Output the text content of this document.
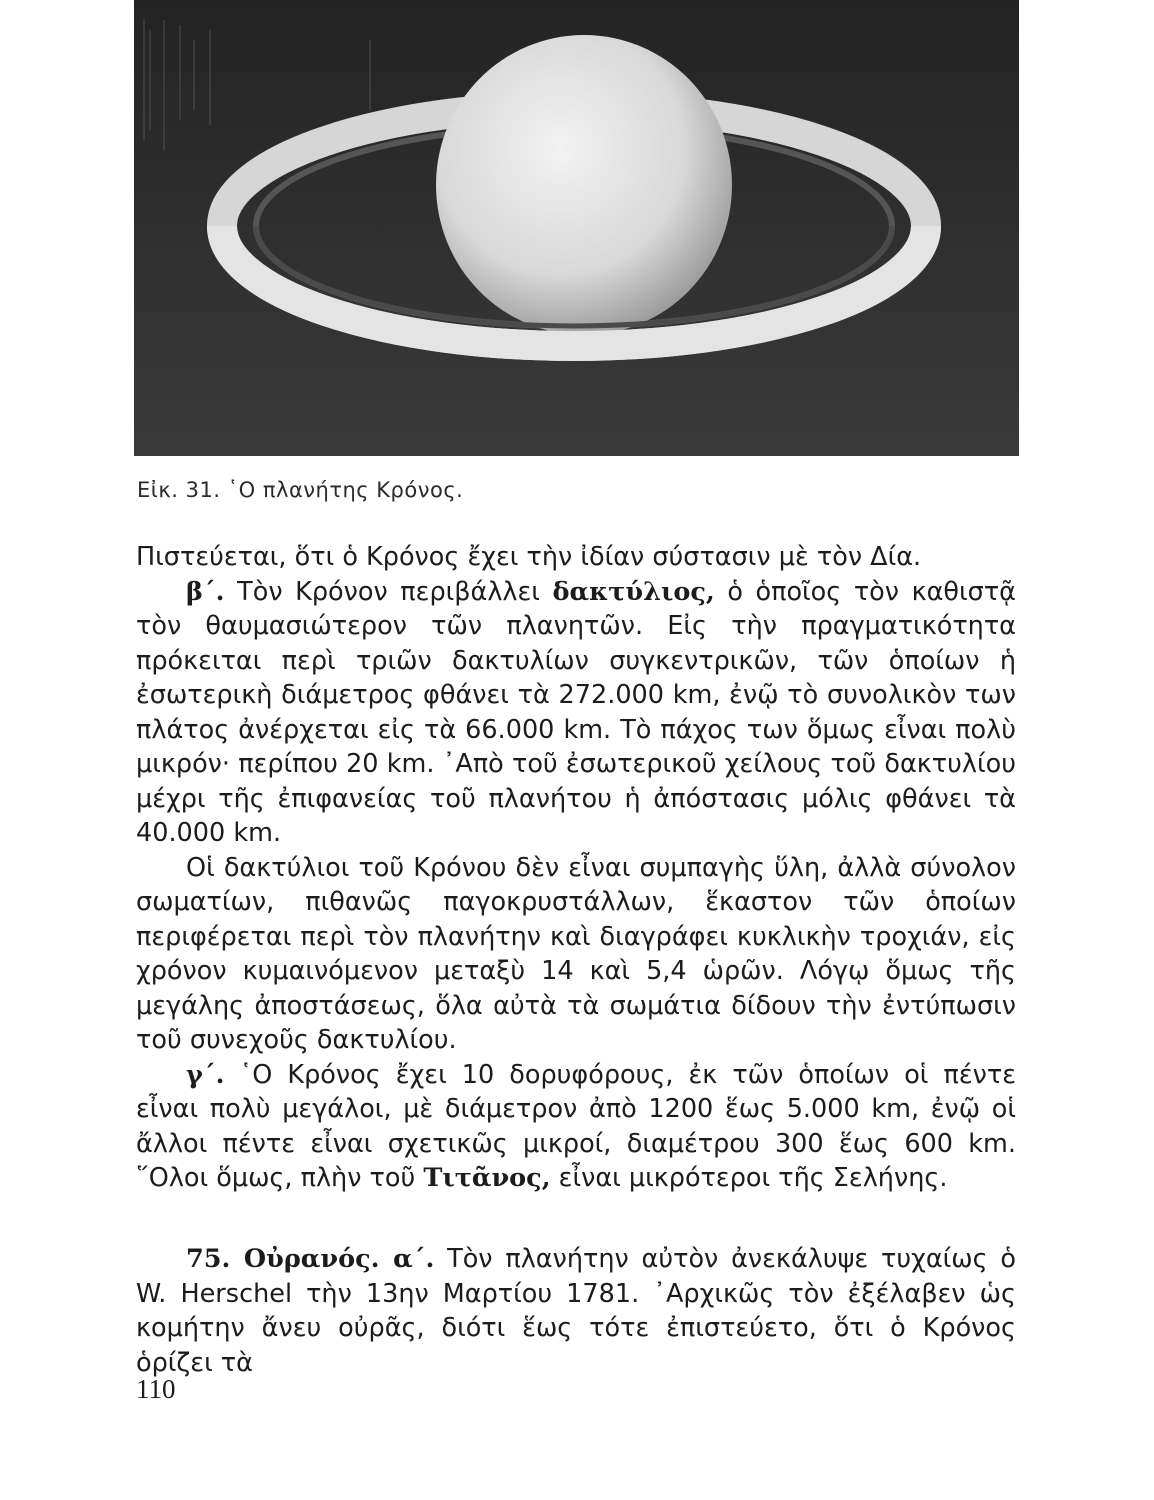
Εἰκ. 31. ῾Ο πλανήτης Κρόνος.

Πιστεύεται, ὅτι ὁ Κρόνος ἔχει τὴν ἰδίαν σύστασιν μὲ τὸν Δία.

β΄. Τὸν Κρόνον περιβάλλει δακτύλιος, ὁ ὁποῖος τὸν καθιστᾷ τὸν θαυμασιώτερον τῶν πλανητῶν. Εἰς τὴν πραγματικότητα πρόκειται περὶ τριῶν δακτυλίων συγκεντρικῶν, τῶν ὁποίων ἡ ἐσωτερικὴ διάμετρος φθάνει τὰ 272.000 km, ἐνῷ τὸ συνολικὸν των πλάτος ἀνέρχεται εἰς τὰ 66.000 km. Τὸ πάχος των ὅμως εἶναι πολὺ μικρόν· περίπου 20 km. ᾿Απὸ τοῦ ἐσωτερικοῦ χείλους τοῦ δακτυλίου μέχρι τῆς ἐπιφανείας τοῦ πλανήτου ἡ ἀπόστασις μόλις φθάνει τὰ 40.000 km.

Οἱ δακτύλιοι τοῦ Κρόνου δὲν εἶναι συμπαγὴς ὕλη, ἀλλὰ σύνολον σωματίων, πιθανῶς παγοκρυστάλλων, ἕκαστον τῶν ὁποίων περιφέρεται περὶ τὸν πλανήτην καὶ διαγράφει κυκλικὴν τροχιάν, εἰς χρόνον κυμαινόμενον μεταξὺ 14 καὶ 5,4 ὡρῶν. Λόγῳ ὅμως τῆς μεγάλης ἀποστάσεως, ὅλα αὐτὰ τὰ σωμάτια δίδουν τὴν ἐντύπωσιν τοῦ συνεχοῦς δακτυλίου.

γ΄. ῾Ο Κρόνος ἔχει 10 δορυφόρους, ἐκ τῶν ὁποίων οἱ πέντε εἶναι πολὺ μεγάλοι, μὲ διάμετρον ἀπὸ 1200 ἕως 5.000 km, ἐνῷ οἱ ἄλλοι πέντε εἶναι σχετικῶς μικροί, διαμέτρου 300 ἕως 600 km. ῞Ολοι ὅμως, πλὴν τοῦ Τιτᾶνος, εἶναι μικρότεροι τῆς Σελήνης.

75. Οὐρανός. α΄. Τὸν πλανήτην αὐτὸν ἀνεκάλυψε τυχαίως ὁ W. Herschel τὴν 13ην Μαρτίου 1781. ᾿Αρχικῶς τὸν ἐξέλαβεν ὡς κομήτην ἄνευ οὐρᾶς, διότι ἕως τότε ἐπιστεύετο, ὅτι ὁ Κρόνος ὁρίζει τὰ

110
